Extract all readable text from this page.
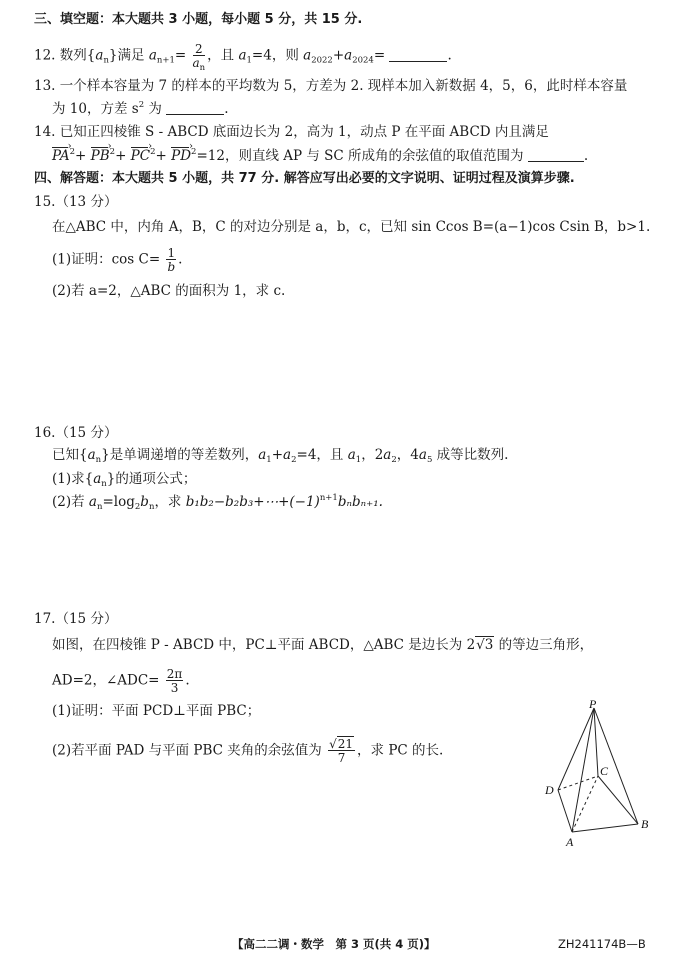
三、填空题：本大题共 3 小题，每小题 5 分，共 15 分.
12. 数列$\{a_n\}$满足 $a_{n+1}= \frac{2}{a_n}$ ，且 $a_1=4$，则 $a_{2022}+a_{2024}=$	.
13. 一个样本容量为 7 的样本的平均数为 5，方差为 2. 现样本加入新数据 4，5，6，此时样本容量
为 10，方差 $s^2$ 为	.
14. 已知正四棱锥 S - ABCD 底面边长为 2，高为 1，动点 P 在平面 ABCD 内且满足
PA ›$^2$+ PB ›$^2$+ PC ›$^2$+ PD ›$^2$=12，则直线 AP 与 SC 所成角的余弦值的取值范围为	.
四、解答题：本大题共 5 小题，共 77 分. 解答应写出必要的文字说明、证明过程及演算步骤.
15.（13 分）
在△ABC 中，内角 A，B，C 的对边分别是 a，b，c，已知 sin Ccos B=(a−1)cos Csin B，b>1.
(1)证明：$\cos C= \frac{1}{b}$ .
(2)若 a=2，△ABC 的面积为 1，求 c.
16.（15 分）
已知$\{a_n\}$是单调递增的等差数列，$a_1+a_2=4$，且 $a_1$，$2a_2$，$4a_5$ 成等比数列.
(1)求$\{a_n\}$的通项公式；
(2)若 $a_n=\log_2b_n$，求 $b_1b_2-b_2b_3+\cdots+(-1)^{n+1}b_nb_{n+1}$.
17.（15 分）
如图，在四棱锥 P - ABCD 中，PC⊥平面 ABCD，△ABC 是边长为 2√3 的等边三角形，
AD=2，∠ADC= $\frac{2\pi}{3}$ .
(1)证明：平面 PCD⊥平面 PBC；
(2)若平面 PAD 与平面 PBC 夹角的余弦值为 $\frac{√21}{7}$ ，求 PC 的长.
P
C
D
B
A
【高二二调・数学　第 3 页(共 4 页)】	ZH241174B—B
